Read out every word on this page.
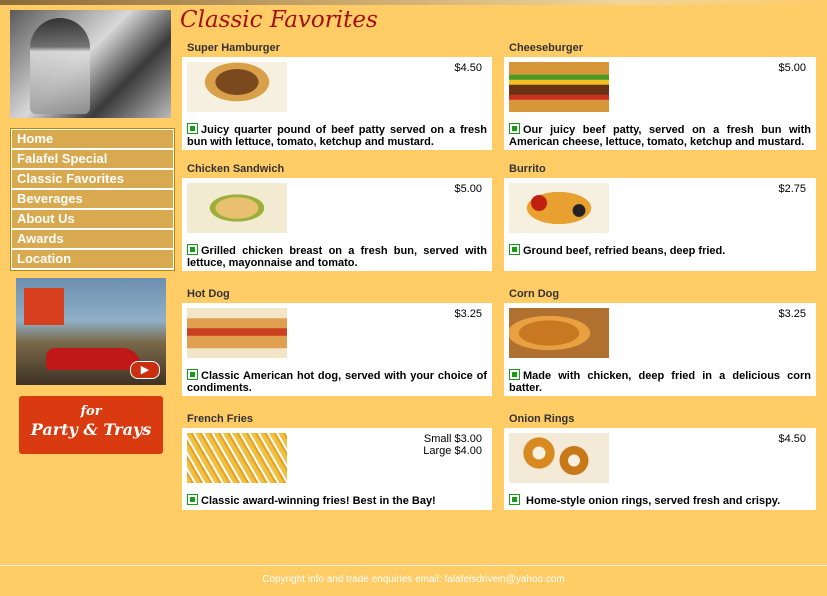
Home
Falafel Special
Classic Favorites
Beverages
About Us
Awards
Location
▶
for
Party & Trays
Classic Favorites
Super Hamburger
$4.50
Juicy quarter pound of beef patty served on a fresh bun with lettuce, tomato, ketchup and mustard.
Cheeseburger
$5.00
Our juicy beef patty, served on a fresh bun with American cheese, lettuce, tomato, ketchup and mustard.
Chicken Sandwich
$5.00
Grilled chicken breast on a fresh bun, served with lettuce, mayonnaise and tomato.
Burrito
$2.75
Ground beef, refried beans, deep fried.
Hot Dog
$3.25
Classic American hot dog, served with your choice of condiments.
Corn Dog
$3.25
Made with chicken, deep fried in a delicious corn batter.
French Fries
Small $3.00
Large $4.00
Classic award-winning fries! Best in the Bay!
Onion Rings
$4.50
Home-style onion rings, served fresh and crispy.
Copyright info and trade enquiries email: falafelsdrivein@yahoo.com
